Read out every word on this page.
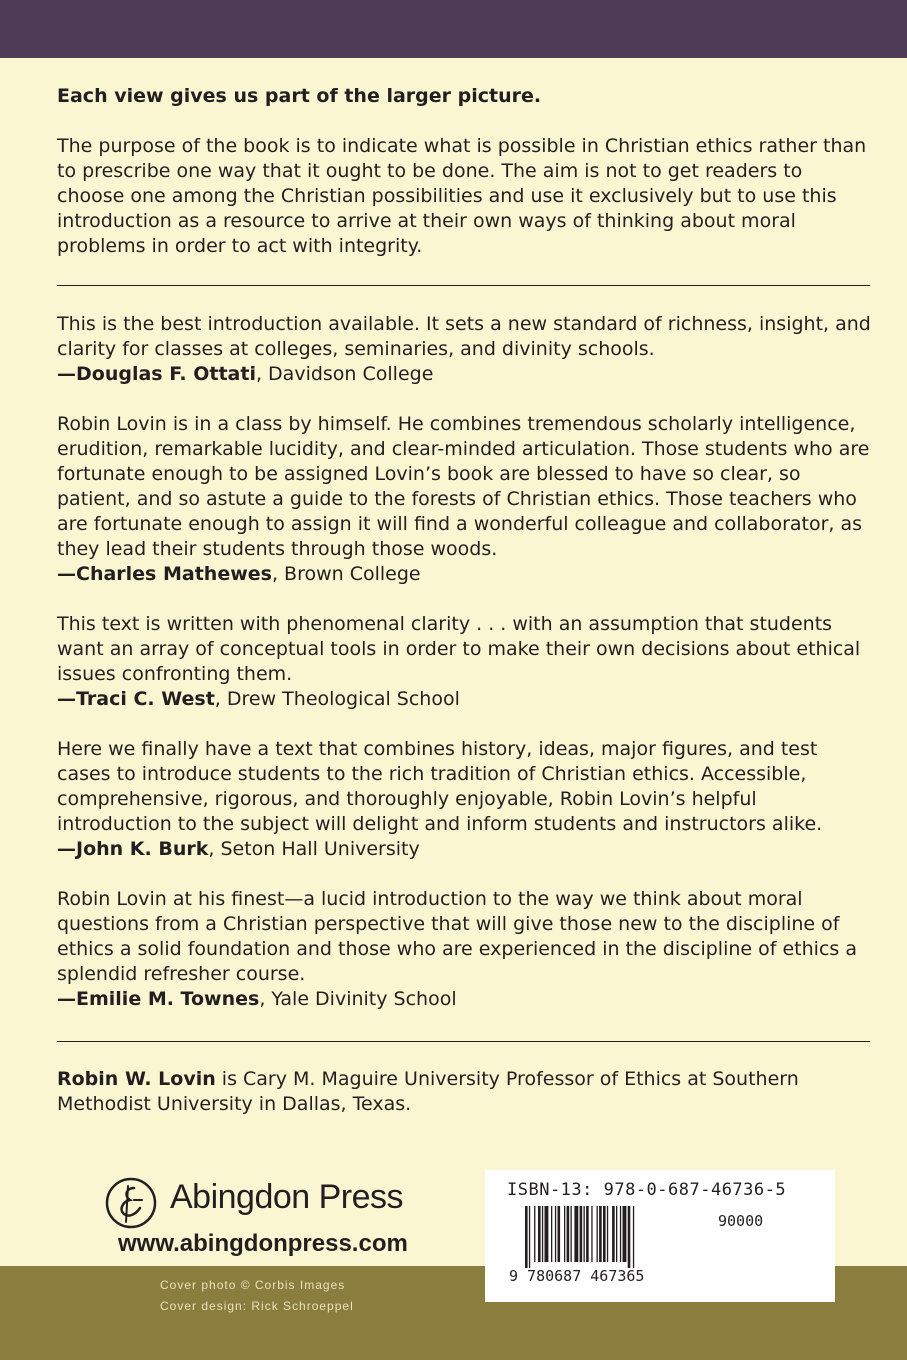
Each view gives us part of the larger picture.

The purpose of the book is to indicate what is possible in Christian ethics rather than to prescribe one way that it ought to be done. The aim is not to get readers to choose one among the Christian possibilities and use it exclusively but to use this introduction as a resource to arrive at their own ways of thinking about moral problems in order to act with integrity.

This is the best introduction available. It sets a new standard of richness, insight, and clarity for classes at colleges, seminaries, and divinity schools.

—Douglas F. Ottati, Davidson College

Robin Lovin is in a class by himself. He combines tremendous scholarly intelligence, erudition, remarkable lucidity, and clear-minded articulation. Those students who are fortunate enough to be assigned Lovin’s book are blessed to have so clear, so patient, and so astute a guide to the forests of Christian ethics. Those teachers who are fortunate enough to assign it will find a wonderful colleague and collaborator, as they lead their students through those woods.

—Charles Mathewes, Brown College

This text is written with phenomenal clarity . . . with an assumption that students want an array of conceptual tools in order to make their own decisions about ethical issues confronting them.

—Traci C. West, Drew Theological School

Here we finally have a text that combines history, ideas, major figures, and test cases to introduce students to the rich tradition of Christian ethics. Accessible, comprehensive, rigorous, and thoroughly enjoyable, Robin Lovin’s helpful introduction to the subject will delight and inform students and instructors alike.

—John K. Burk, Seton Hall University

Robin Lovin at his finest—a lucid introduction to the way we think about moral questions from a Christian perspective that will give those new to the discipline of ethics a solid foundation and those who are experienced in the discipline of ethics a splendid refresher course.

—Emilie M. Townes, Yale Divinity School

Robin W. Lovin is Cary M. Maguire University Professor of Ethics at Southern Methodist University in Dallas, Texas.

Abingdon Press
www.abingdonpress.com
Cover photo © Corbis Images
Cover design: Rick Schroeppel
ISBN-13: 978-0-687-46736-5
90000
9 780687 467365
